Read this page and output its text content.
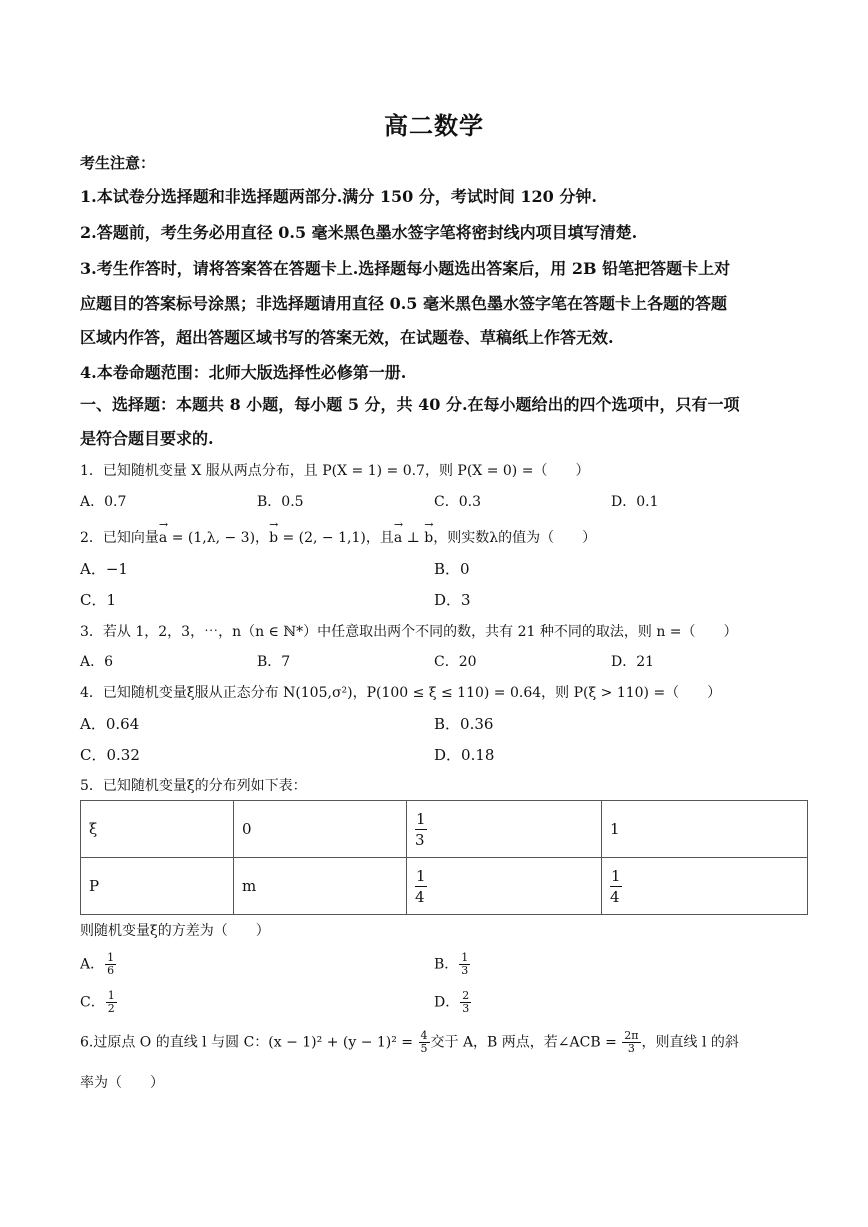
高二数学
考生注意：
1.本试卷分选择题和非选择题两部分.满分 150 分，考试时间 120 分钟.
2.答题前，考生务必用直径 0.5 毫米黑色墨水签字笔将密封线内项目填写清楚.
3.考生作答时，请将答案答在答题卡上.选择题每小题选出答案后，用 2B 铅笔把答题卡上对
应题目的答案标号涂黑；非选择题请用直径 0.5 毫米黑色墨水签字笔在答题卡上各题的答题
区域内作答，超出答题区域书写的答案无效，在试题卷、草稿纸上作答无效.
4.本卷命题范围：北师大版选择性必修第一册.
一、选择题：本题共 8 小题，每小题 5 分，共 40 分.在每小题给出的四个选项中，只有一项
是符合题目要求的.
1．已知随机变量 X 服从两点分布，且 P(X = 1) = 0.7，则 P(X = 0) =（　　）
A．0.7	B．0.5	C．0.3	D．0.1
2．已知向量→ a = (1,λ, − 3)，→ b = (2, − 1,1)，且→ a ⊥ → b，则实数λ的值为（　　）
A．−1	B．0
C．1	D．3
3．若从 1，2，3，⋯，n（n ∈ ℕ*）中任意取出两个不同的数，共有 21 种不同的取法，则 n =（　　）
A．6	B．7	C．20	D．21
4．已知随机变量ξ服从正态分布 N(105,σ²)，P(100 ≤ ξ ≤ 110) = 0.64，则 P(ξ > 110) =（　　）
A．0.64	B．0.36
C．0.32	D．0.18
5．已知随机变量ξ的分布列如下表：
ξ	0	$\frac{1}{3}$	1
P	m	$\frac{1}{4}$	$\frac{1}{4}$
则随机变量ξ的方差为（　　）
A． $\frac{1}{6}$	B． $\frac{1}{3}$
C． $\frac{1}{2}$	D． $\frac{2}{3}$
6.过原点 O 的直线 l 与圆 C：$(x - 1)^2 + (y - 1)^2 = \frac{4}{5}$ 交于 A，B 两点，若∠ACB = $\frac{2\pi}{3}$ ，则直线 l 的斜
率为（　　）
